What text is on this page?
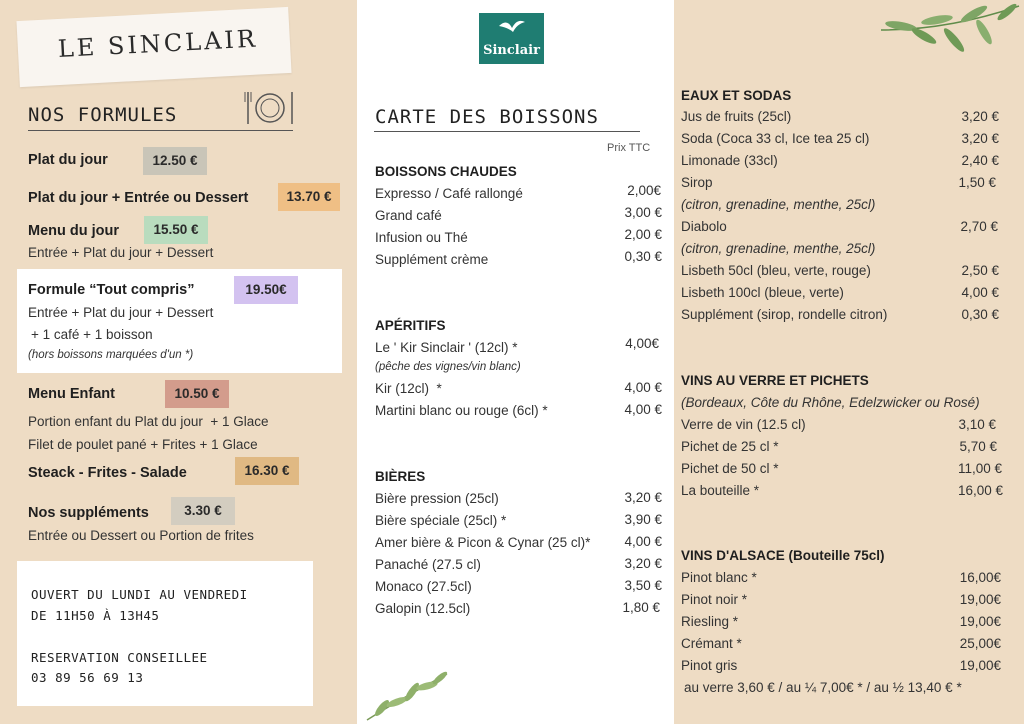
LE SINCLAIR
NOS FORMULES
Plat du jour	12.50 €
Plat du jour + Entrée ou Dessert	13.70 €
Menu du jour	15.50 €
Entrée + Plat du jour + Dessert
Formule “Tout compris”	19.50€
Entrée + Plat du jour + Dessert
+ 1 café + 1 boisson
(hors boissons marquées d'un *)
Menu Enfant	10.50 €
Portion enfant du Plat du jour  + 1 Glace
Filet de poulet pané + Frites + 1 Glace
Steack - Frites - Salade	16.30 €
Nos suppléments	3.30 €
Entrée ou Dessert ou Portion de frites
OUVERT DU LUNDI AU VENDREDI
DE 11H50 À 13H45
RESERVATION CONSEILLEE
03 89 56 69 13
Sinclair
CARTE DES BOISSONS
Prix TTC
BOISSONS CHAUDES
Expresso / Café rallongé	2,00€
Grand café	3,00 €
Infusion ou Thé	2,00 €
Supplément crème	0,30 €
APÉRITIFS
Le ' Kir Sinclair ' (12cl) *	4,00€
(pêche des vignes/vin blanc)
Kir (12cl)  *	4,00 €
Martini blanc ou rouge (6cl) *	4,00 €
BIÈRES
Bière pression (25cl)	3,20 €
Bière spéciale (25cl) *	3,90 €
Amer bière & Picon & Cynar (25 cl)*	4,00 €
Panaché (27.5 cl)	3,20 €
Monaco (27.5cl)	3,50 €
Galopin (12.5cl)	1,80 €
EAUX ET SODAS
Jus de fruits (25cl)	3,20 €
Soda (Coca 33 cl, Ice tea 25 cl)	3,20 €
Limonade (33cl)	2,40 €
Sirop	1,50 €
(citron, grenadine, menthe, 25cl)
Diabolo	2,70 €
(citron, grenadine, menthe, 25cl)
Lisbeth 50cl (bleu, verte, rouge)	2,50 €
Lisbeth 100cl (bleue, verte)	4,00 €
Supplément (sirop, rondelle citron)	0,30 €
VINS AU VERRE ET PICHETS
(Bordeaux, Côte du Rhône, Edelzwicker ou Rosé)
Verre de vin (12.5 cl)	3,10 €
Pichet de 25 cl *	5,70 €
Pichet de 50 cl *	11,00 €
La bouteille *	16,00 €
VINS D'ALSACE (Bouteille 75cl)
Pinot blanc *	16,00€
Pinot noir *	19,00€
Riesling *	19,00€
Crémant *	25,00€
Pinot gris	19,00€
au verre 3,60 € / au ¼ 7,00€ * / au ½ 13,40 € *
